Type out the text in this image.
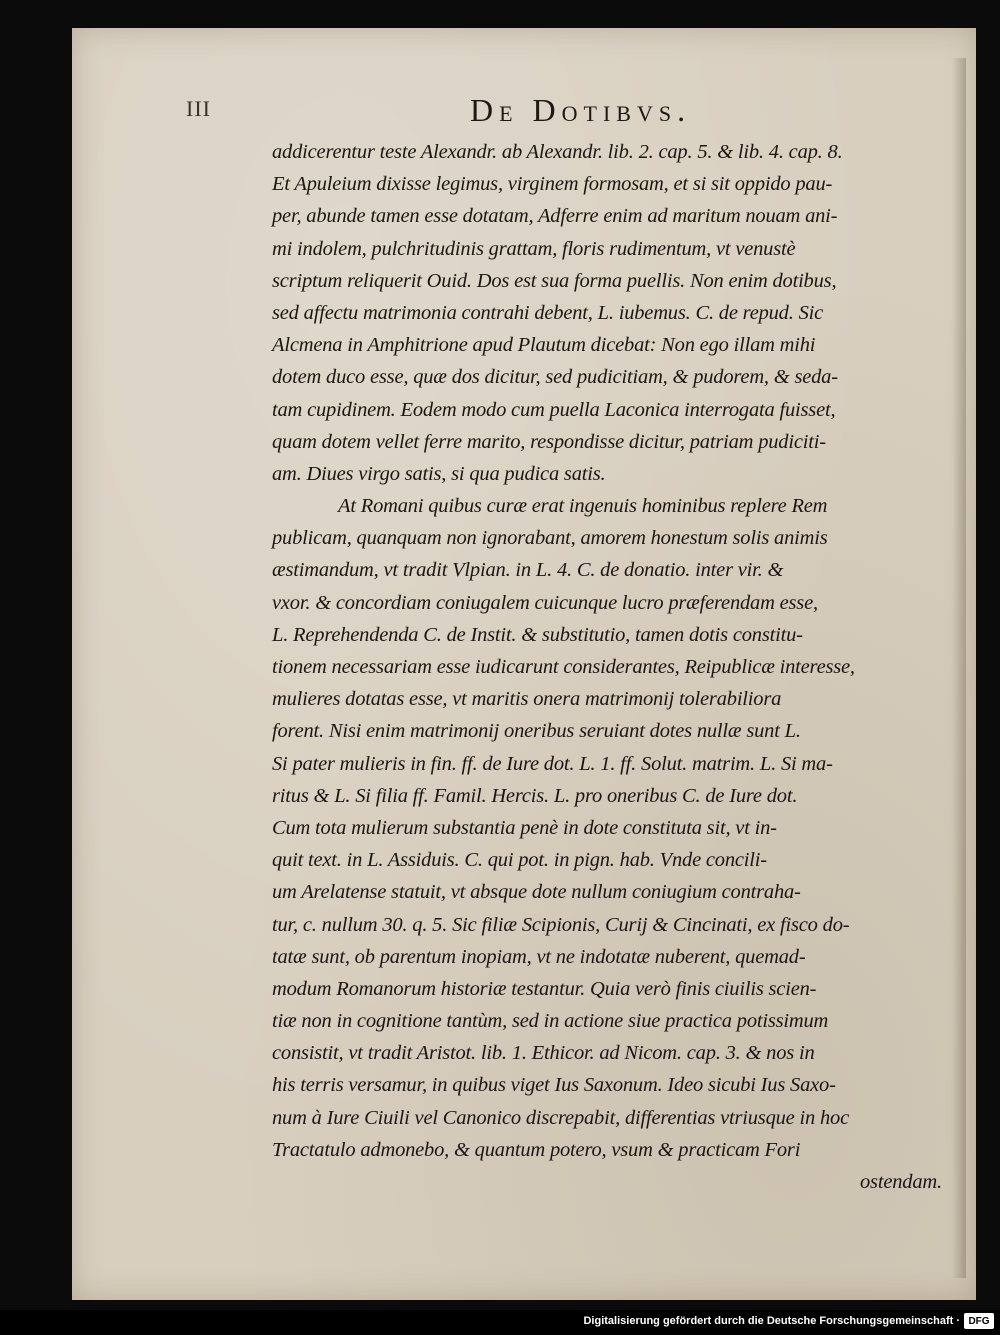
III	De Dotibvs.
addicerentur teste Alexandr. ab Alexandr. lib. 2. cap. 5. & lib. 4. cap. 8.
Et Apuleium dixisse legimus, virginem formosam, et si sit oppido pau-
per, abunde tamen esse dotatam, Adferre enim ad maritum nouam ani-
mi indolem, pulchritudinis grattam, floris rudimentum, vt venustè
scriptum reliquerit Ouid. Dos est sua forma puellis. Non enim dotibus,
sed affectu matrimonia contrahi debent, L. iubemus. C. de repud. Sic
Alcmena in Amphitrione apud Plautum dicebat: Non ego illam mihi
dotem duco esse, quæ dos dicitur, sed pudicitiam, & pudorem, & seda-
tam cupidinem. Eodem modo cum puella Laconica interrogata fuisset,
quam dotem vellet ferre marito, respondisse dicitur, patriam pudiciti-
am. Diues virgo satis, si qua pudica satis.
At Romani quibus curæ erat ingenuis hominibus replere Rem
publicam, quanquam non ignorabant, amorem honestum solis animis
æstimandum, vt tradit Vlpian. in L. 4. C. de donatio. inter vir. &
vxor. & concordiam coniugalem cuicunque lucro præferendam esse,
L. Reprehendenda C. de Instit. & substitutio, tamen dotis constitu-
tionem necessariam esse iudicarunt considerantes, Reipublicæ interesse,
mulieres dotatas esse, vt maritis onera matrimonij tolerabiliora
forent. Nisi enim matrimonij oneribus seruiant dotes nullæ sunt L.
Si pater mulieris in fin. ff. de Iure dot. L. 1. ff. Solut. matrim. L. Si ma-
ritus & L. Si filia ff. Famil. Hercis. L. pro oneribus C. de Iure dot.
Cum tota mulierum substantia penè in dote constituta sit, vt in-
quit text. in L. Assiduis. C. qui pot. in pign. hab. Vnde concili-
um Arelatense statuit, vt absque dote nullum coniugium contraha-
tur, c. nullum 30. q. 5. Sic filiæ Scipionis, Curij & Cincinati, ex fisco do-
tatæ sunt, ob parentum inopiam, vt ne indotatæ nuberent, quemad-
modum Romanorum historiæ testantur. Quia verò finis ciuilis scien-
tiæ non in cognitione tantùm, sed in actione siue practica potissimum
consistit, vt tradit Aristot. lib. 1. Ethicor. ad Nicom. cap. 3. & nos in
his terris versamur, in quibus viget Ius Saxonum. Ideo sicubi Ius Saxo-
num à Iure Ciuili vel Canonico discrepabit, differentias vtriusque in hoc
Tractatulo admonebo, & quantum potero, vsum & practicam Fori
ostendam.
Digitalisierung gefördert durch die Deutsche Forschungsgemeinschaft · DFG
